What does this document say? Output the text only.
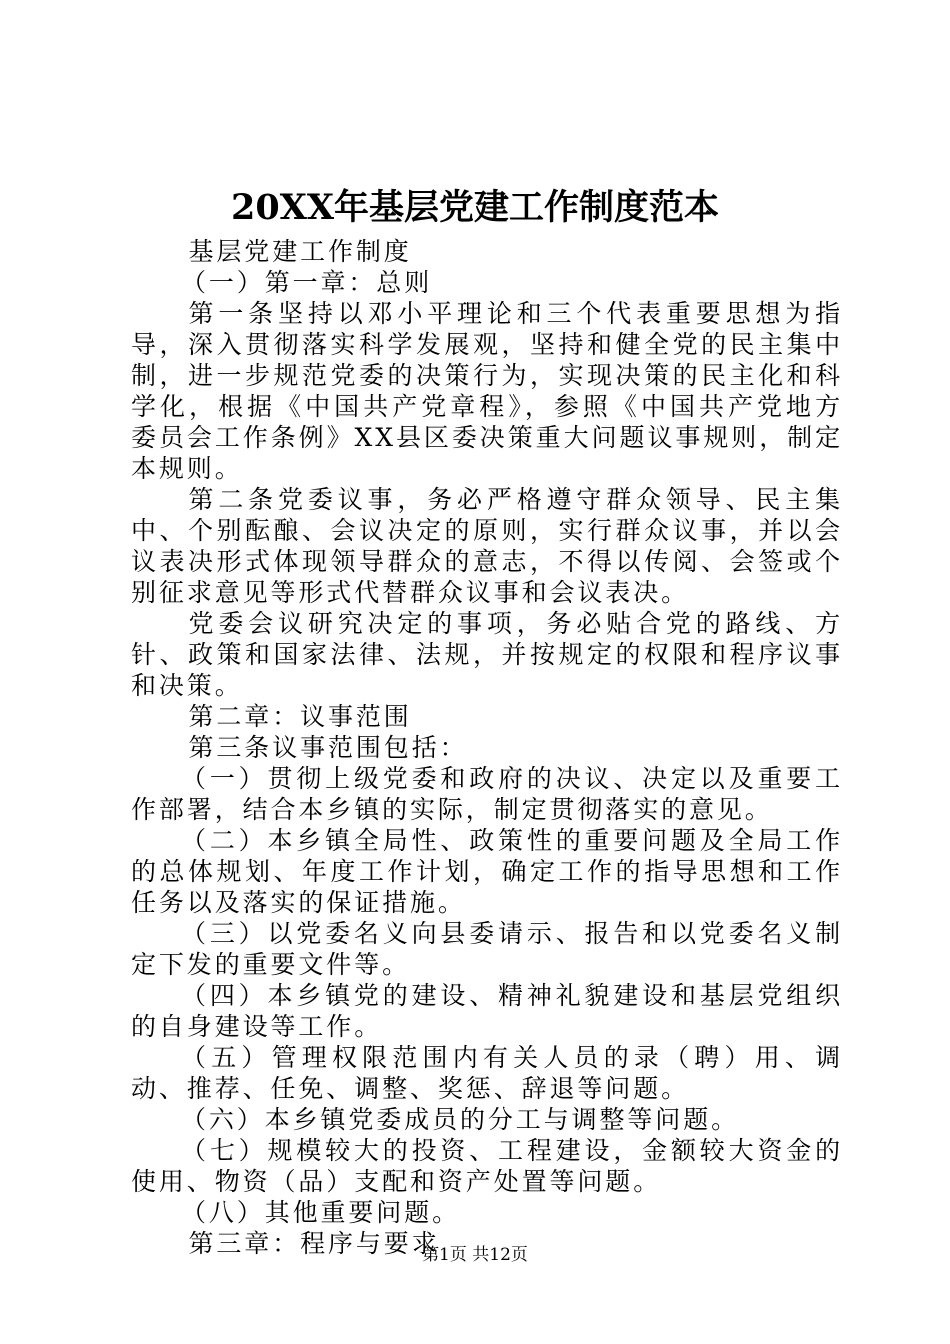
20XX年基层党建工作制度范本

基层党建工作制度

（一）第一章：总则

第一条坚持以邓小平理论和三个代表重要思想为指导，深入贯彻落实科学发展观，坚持和健全党的民主集中制，进一步规范党委的决策行为，实现决策的民主化和科学化，根据《中国共产党章程》，参照《中国共产党地方委员会工作条例》XX县区委决策重大问题议事规则，制定本规则。

第二条党委议事，务必严格遵守群众领导、民主集中、个别酝酿、会议决定的原则，实行群众议事，并以会议表决形式体现领导群众的意志，不得以传阅、会签或个别征求意见等形式代替群众议事和会议表决。

党委会议研究决定的事项，务必贴合党的路线、方针、政策和国家法律、法规，并按规定的权限和程序议事和决策。

第二章：议事范围

第三条议事范围包括：

（一）贯彻上级党委和政府的决议、决定以及重要工作部署，结合本乡镇的实际，制定贯彻落实的意见。

（二）本乡镇全局性、政策性的重要问题及全局工作的总体规划、年度工作计划，确定工作的指导思想和工作任务以及落实的保证措施。

（三）以党委名义向县委请示、报告和以党委名义制定下发的重要文件等。

（四）本乡镇党的建设、精神礼貌建设和基层党组织的自身建设等工作。

（五）管理权限范围内有关人员的录（聘）用、调动、推荐、任免、调整、奖惩、辞退等问题。

（六）本乡镇党委成员的分工与调整等问题。

（七）规模较大的投资、工程建设，金额较大资金的使用、物资（品）支配和资产处置等问题。

（八）其他重要问题。

第三章：程序与要求

第1页 共12页
